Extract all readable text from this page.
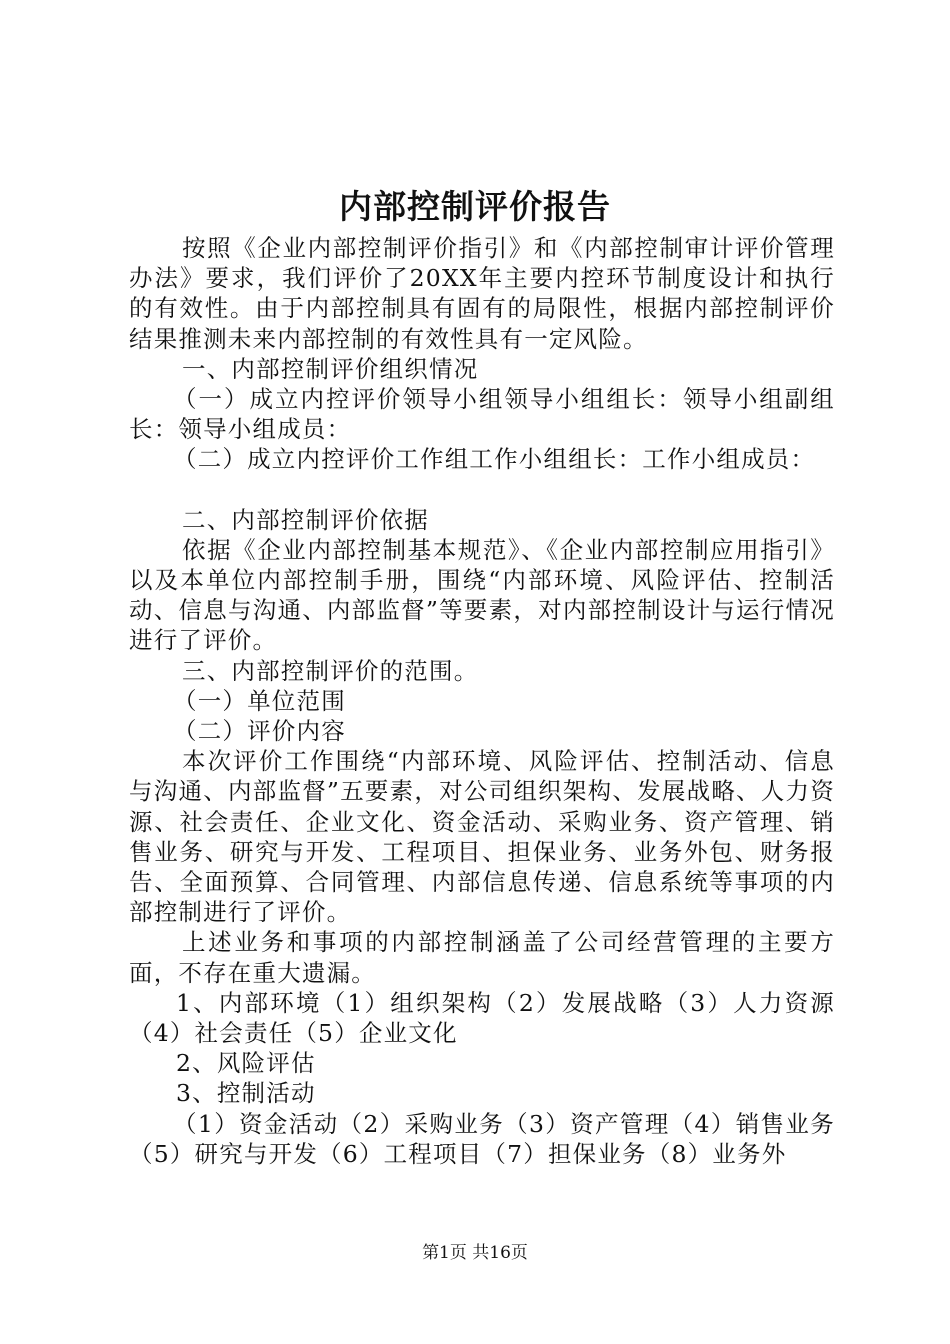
内部控制评价报告

按照《企业内部控制评价指引》和《内部控制审计评价管理办法》要求，我们评价了20XX年主要内控环节制度设计和执行的有效性。由于内部控制具有固有的局限性，根据内部控制评价结果推测未来内部控制的有效性具有一定风险。

一、内部控制评价组织情况

（一）成立内控评价领导小组领导小组组长：领导小组副组长：领导小组成员：

（二）成立内控评价工作组工作小组组长：工作小组成员：

二、内部控制评价依据

依据《企业内部控制基本规范》、《企业内部控制应用指引》以及本单位内部控制手册，围绕“内部环境、风险评估、控制活动、信息与沟通、内部监督”等要素，对内部控制设计与运行情况进行了评价。

三、内部控制评价的范围。

（一）单位范围

（二）评价内容

本次评价工作围绕“内部环境、风险评估、控制活动、信息与沟通、内部监督”五要素，对公司组织架构、发展战略、人力资源、社会责任、企业文化、资金活动、采购业务、资产管理、销售业务、研究与开发、工程项目、担保业务、业务外包、财务报告、全面预算、合同管理、内部信息传递、信息系统等事项的内部控制进行了评价。

上述业务和事项的内部控制涵盖了公司经营管理的主要方面，不存在重大遗漏。

1、内部环境（1）组织架构（2）发展战略（3）人力资源（4）社会责任（5）企业文化

2、风险评估

3、控制活动

（1）资金活动（2）采购业务（3）资产管理（4）销售业务（5）研究与开发（6）工程项目（7）担保业务（8）业务外

第1页 共16页
